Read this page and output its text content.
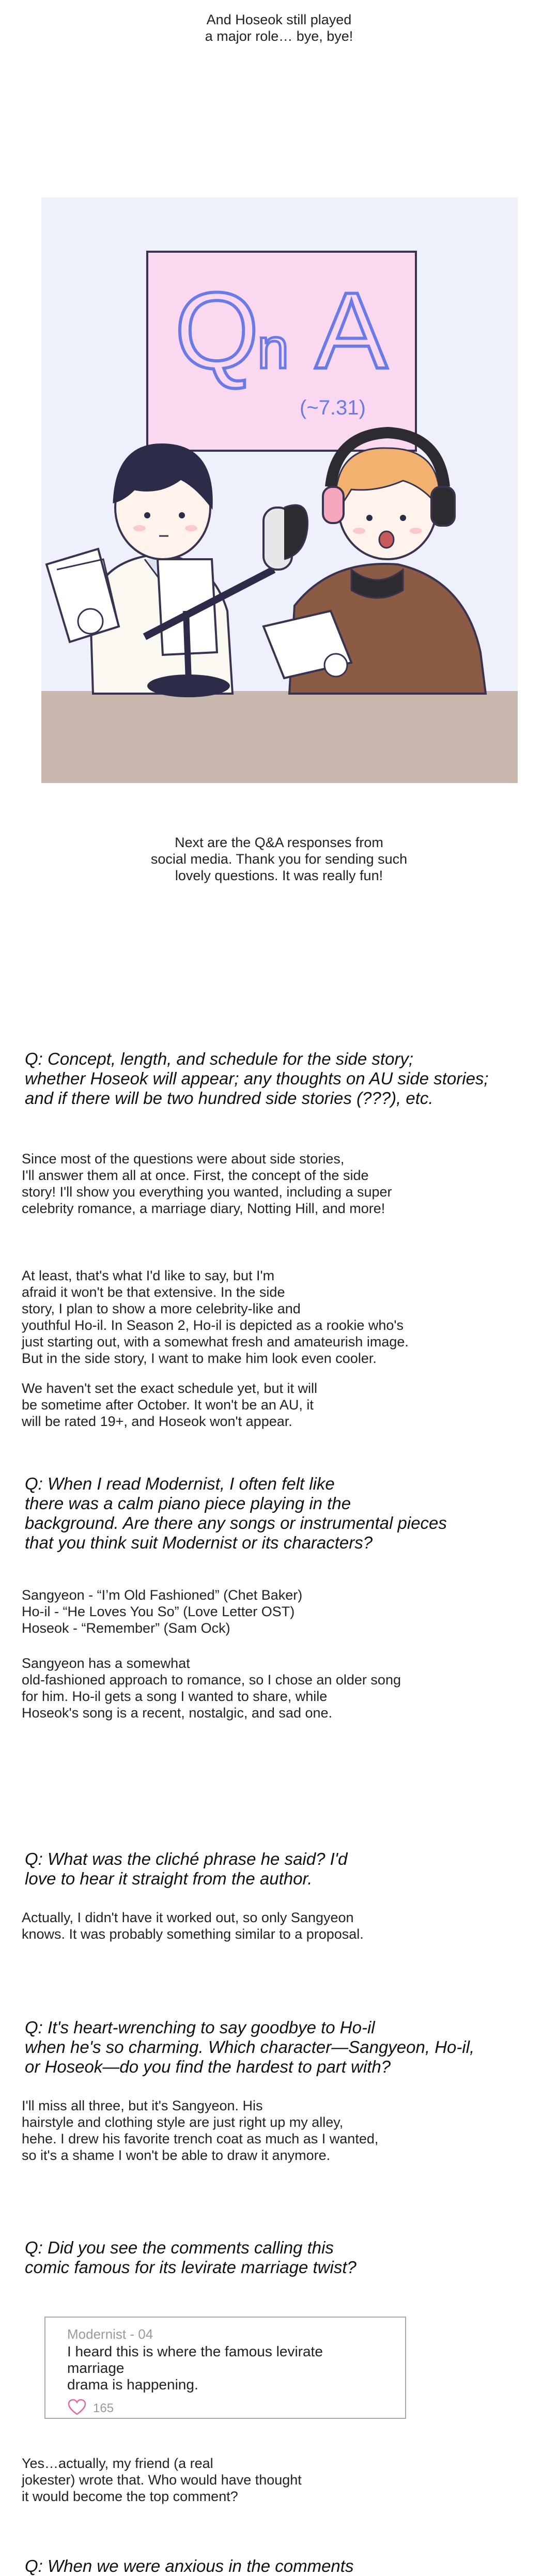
And Hoseok still played
a major role… bye, bye!
Q
n A
(~7.31)
Next are the Q&A responses from
social media. Thank you for sending such
lovely questions. It was really fun!
Q: Concept, length, and schedule for the side story;
whether Hoseok will appear; any thoughts on AU side stories;
and if there will be two hundred side stories (???), etc.
Since most of the questions were about side stories,
I'll answer them all at once. First, the concept of the side
story! I'll show you everything you wanted, including a super
celebrity romance, a marriage diary, Notting Hill, and more!
At least, that's what I'd like to say, but I'm
afraid it won't be that extensive. In the side
story, I plan to show a more celebrity-like and
youthful Ho-il. In Season 2, Ho-il is depicted as a rookie who's
just starting out, with a somewhat fresh and amateurish image.
But in the side story, I want to make him look even cooler.
We haven't set the exact schedule yet, but it will
be sometime after October. It won't be an AU, it
will be rated 19+, and Hoseok won't appear.
Q: When I read Modernist, I often felt like
there was a calm piano piece playing in the
background. Are there any songs or instrumental pieces
that you think suit Modernist or its characters?
Sangyeon - “I’m Old Fashioned” (Chet Baker)
Ho-il - “He Loves You So” (Love Letter OST)
Hoseok - “Remember” (Sam Ock)
Sangyeon has a somewhat
old-fashioned approach to romance, so I chose an older song
for him. Ho-il gets a song I wanted to share, while
Hoseok's song is a recent, nostalgic, and sad one.
Q: What was the cliché phrase he said? I'd
love to hear it straight from the author.
Actually, I didn't have it worked out, so only Sangyeon
knows. It was probably something similar to a proposal.
Q: It's heart-wrenching to say goodbye to Ho-il
when he's so charming. Which character—Sangyeon, Ho-il,
or Hoseok—do you find the hardest to part with?
I'll miss all three, but it's Sangyeon. His
hairstyle and clothing style are just right up my alley,
hehe. I drew his favorite trench coat as much as I wanted,
so it's a shame I won't be able to draw it anymore.
Q: Did you see the comments calling this
comic famous for its levirate marriage twist?
Modernist - 04
I heard this is where the famous levirate marriage
drama is happening.
165
Yes…actually, my friend (a real
jokester) wrote that. Who would have thought
it would become the top comment?
Q: When we were anxious in the comments
